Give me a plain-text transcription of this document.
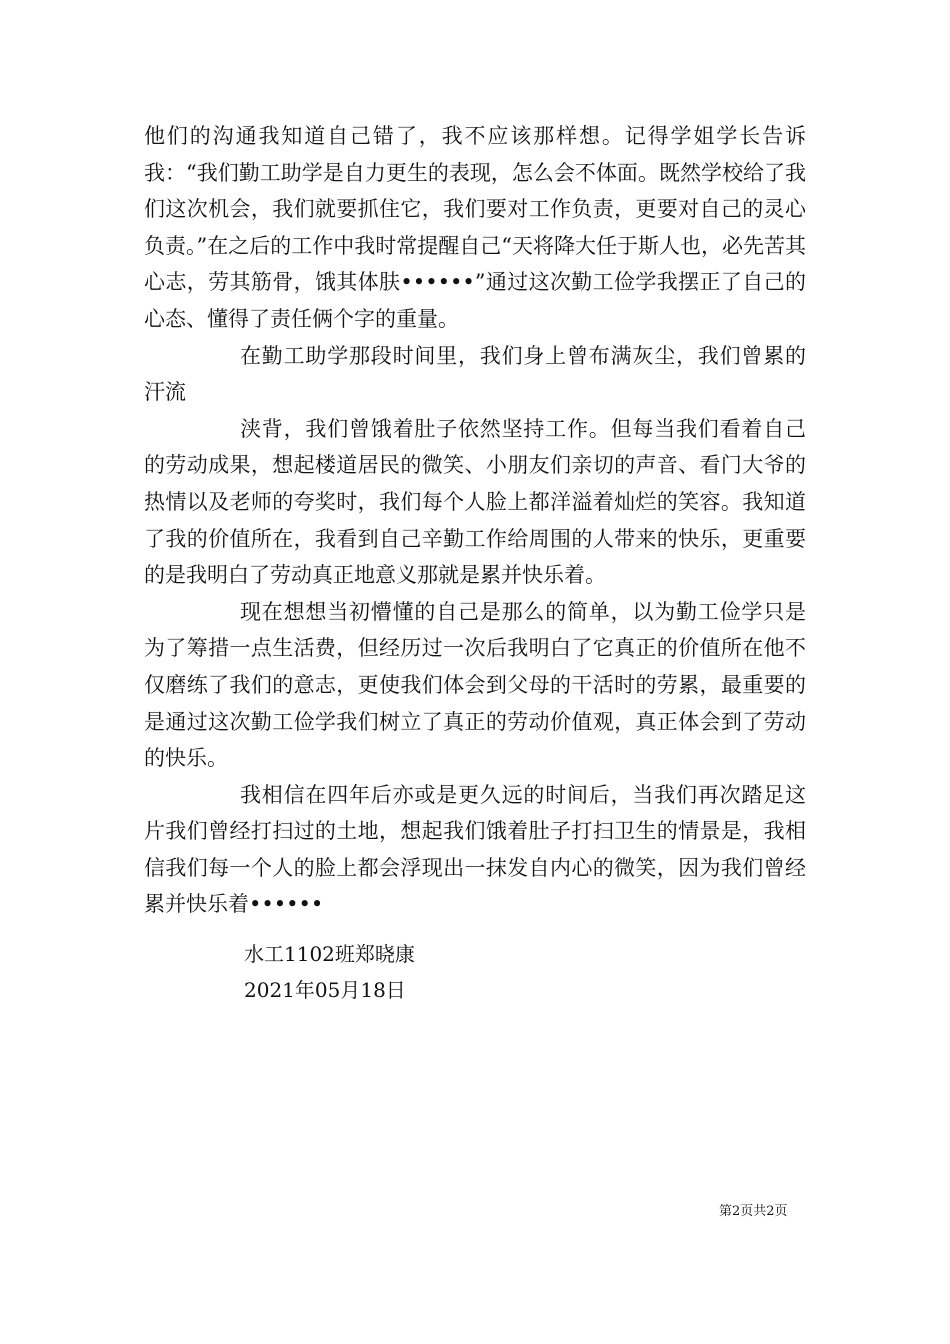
他们的沟通我知道自己错了，我不应该那样想。记得学姐学长告诉我：“我们勤工助学是自力更生的表现，怎么会不体面。既然学校给了我们这次机会，我们就要抓住它，我们要对工作负责，更要对自己的灵心负责。”在之后的工作中我时常提醒自己“天将降大任于斯人也，必先苦其心志，劳其筋骨，饿其体肤••••••”通过这次勤工俭学我摆正了自己的心态、懂得了责任俩个字的重量。

在勤工助学那段时间里，我们身上曾布满灰尘，我们曾累的汗流

浃背，我们曾饿着肚子依然坚持工作。但每当我们看着自己的劳动成果，想起楼道居民的微笑、小朋友们亲切的声音、看门大爷的热情以及老师的夸奖时，我们每个人脸上都洋溢着灿烂的笑容。我知道了我的价值所在，我看到自己辛勤工作给周围的人带来的快乐，更重要的是我明白了劳动真正地意义那就是累并快乐着。

现在想想当初懵懂的自己是那么的简单，以为勤工俭学只是为了筹措一点生活费，但经历过一次后我明白了它真正的价值所在他不仅磨练了我们的意志，更使我们体会到父母的干活时的劳累，最重要的是通过这次勤工俭学我们树立了真正的劳动价值观，真正体会到了劳动的快乐。

我相信在四年后亦或是更久远的时间后，当我们再次踏足这片我们曾经打扫过的土地，想起我们饿着肚子打扫卫生的情景是，我相信我们每一个人的脸上都会浮现出一抹发自内心的微笑，因为我们曾经累并快乐着••••••

水工1102班郑晓康

2021年05月18日

第2页共2页
